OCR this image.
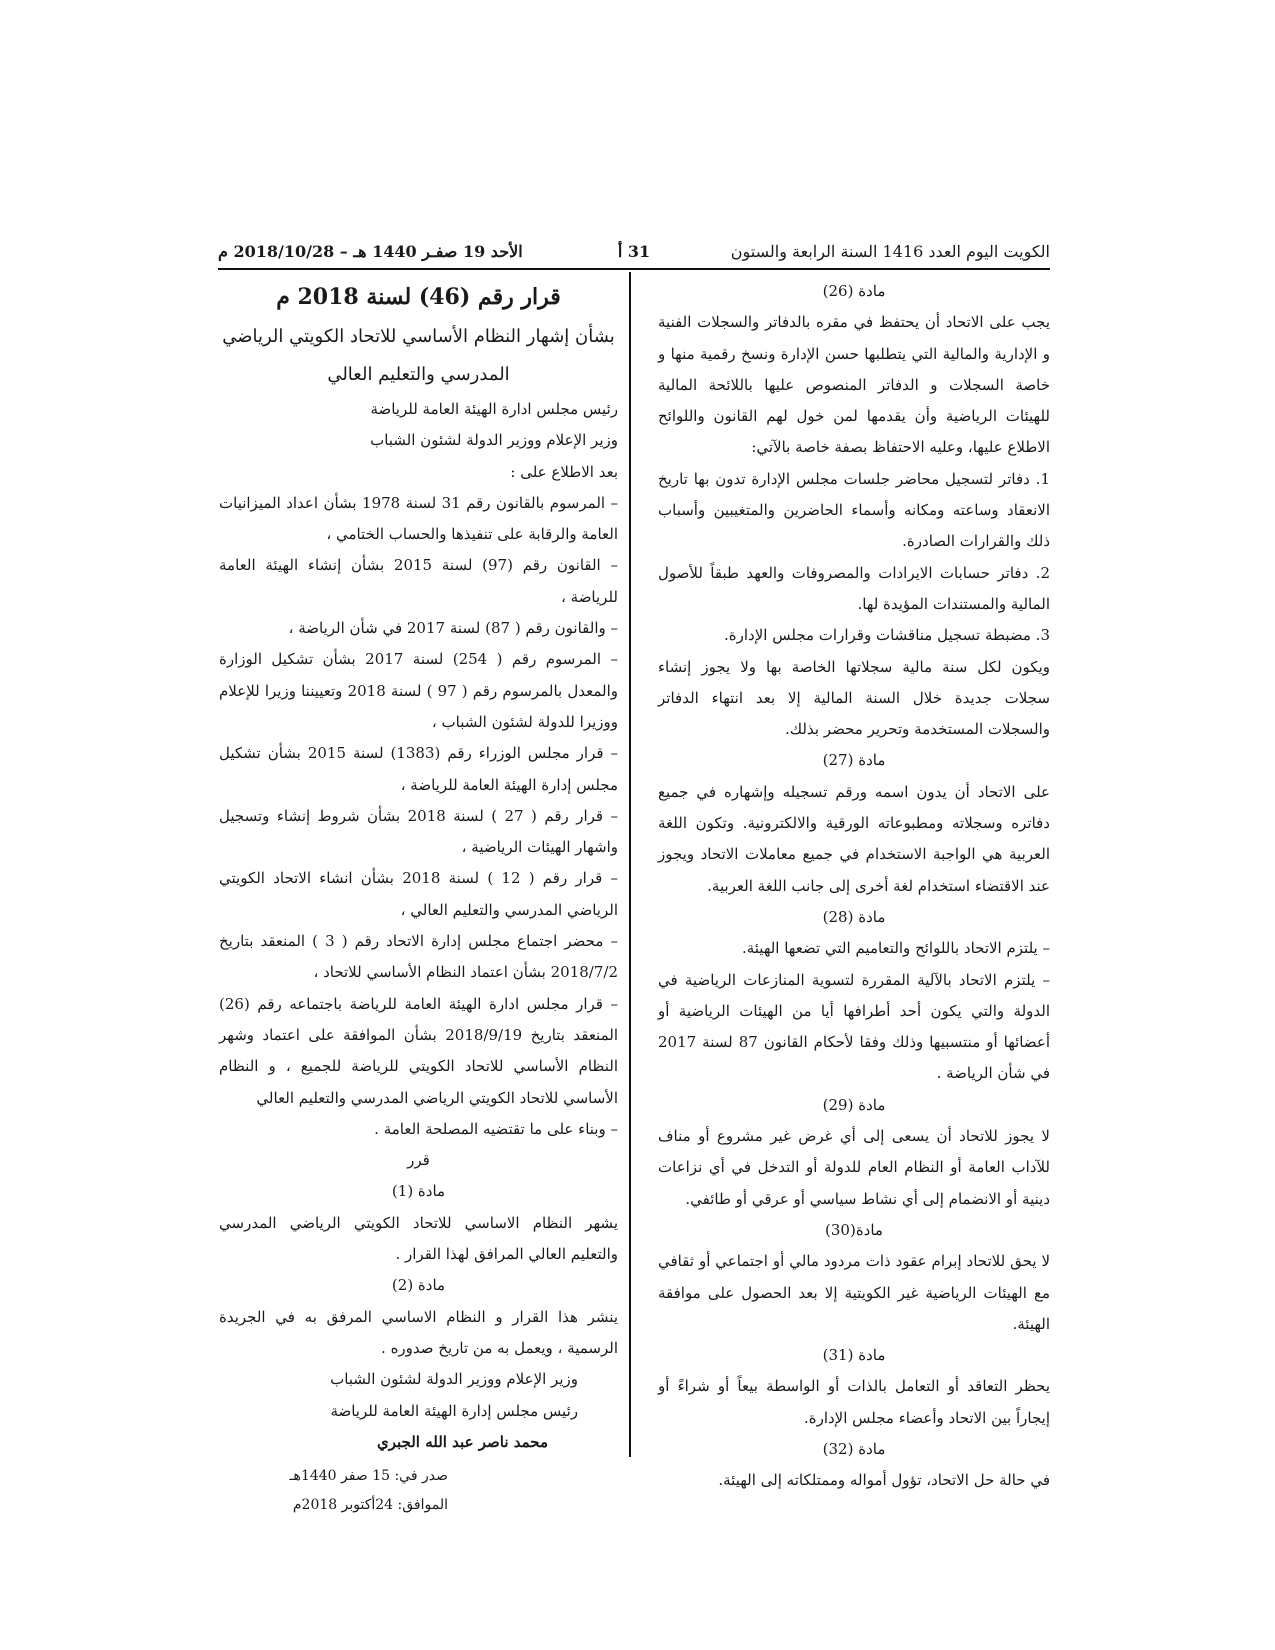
الكويت اليوم العدد 1416 السنة الرابعة والستون
31 أ
الأحد 19 صفـر 1440 هـ – 2018/10/28 م

مادة (26)

يجب على الاتحاد أن يحتفظ في مقره بالدفاتر والسجلات الفنية و الإدارية والمالية التي يتطلبها حسن الإدارة ونسخ رقمية منها و خاصة السجلات و الدفاتر المنصوص عليها باللائحة المالية للهيئات الرياضية وأن يقدمها لمن خول لهم القانون واللوائح الاطلاع عليها، وعليه الاحتفاظ بصفة خاصة بالآتي:

1. دفاتر لتسجيل محاضر جلسات مجلس الإدارة تدون بها تاريخ الانعقاد وساعته ومكانه وأسماء الحاضرين والمتغيبين وأسباب ذلك والقرارات الصادرة.

2. دفاتر حسابات الايرادات والمصروفات والعهد طبقاً للأصول المالية والمستندات المؤيدة لها.

3. مضبطة تسجيل مناقشات وقرارات مجلس الإدارة.

ويكون لكل سنة مالية سجلاتها الخاصة بها ولا يجوز إنشاء سجلات جديدة خلال السنة المالية إلا بعد انتهاء الدفاتر والسجلات المستخدمة وتحرير محضر بذلك.

مادة (27)

على الاتحاد أن يدون اسمه ورقم تسجيله وإشهاره في جميع دفاتره وسجلاته ومطبوعاته الورقية والالكترونية. وتكون اللغة العربية هي الواجبة الاستخدام في جميع معاملات الاتحاد ويجوز عند الاقتضاء استخدام لغة أخرى إلى جانب اللغة العربية.

مادة (28)

– يلتزم الاتحاد باللوائح والتعاميم التي تضعها الهيئة.

– يلتزم الاتحاد بالآلية المقررة لتسوية المنازعات الرياضية في الدولة والتي يكون أحد أطرافها أيا من الهيئات الرياضية أو أعضائها أو منتسبيها وذلك وفقا لأحكام القانون 87 لسنة 2017 في شأن الرياضة .

مادة (29)

لا يجوز للاتحاد أن يسعى إلى أي غرض غير مشروع أو مناف للآداب العامة أو النظام العام للدولة أو التدخل في أي نزاعات دينية أو الانضمام إلى أي نشاط سياسي أو عرقي أو طائفي.

مادة(30)

لا يحق للاتحاد إبرام عقود ذات مردود مالي أو اجتماعي أو ثقافي مع الهيئات الرياضية غير الكويتية إلا بعد الحصول على موافقة الهيئة.

مادة (31)

يحظر التعاقد أو التعامل بالذات أو الواسطة بيعاً أو شراءً أو إيجاراً بين الاتحاد وأعضاء مجلس الإدارة.

مادة (32)

في حالة حل الاتحاد، تؤول أمواله وممتلكاته إلى الهيئة.

قرار رقم (46) لسنة 2018 م

بشأن إشهار النظام الأساسي للاتحاد الكويتي الرياضي المدرسي والتعليم العالي

رئيس مجلس ادارة الهيئة العامة للرياضة

وزير الإعلام ووزير الدولة لشئون الشباب

بعد الاطلاع على :

– المرسوم بالقانون رقم 31 لسنة 1978 بشأن اعداد الميزانيات العامة والرقابة على تنفيذها والحساب الختامي ،

– القانون رقم (97) لسنة 2015 بشأن إنشاء الهيئة العامة للرياضة ،

– والقانون رقم ( 87) لسنة 2017 في شأن الرياضة ،

– المرسوم رقم ( 254) لسنة 2017 بشأن تشكيل الوزارة والمعدل بالمرسوم رقم ( 97 ) لسنة 2018 وتعييننا وزيرا للإعلام ووزيرا للدولة لشئون الشباب ،

– قرار مجلس الوزراء رقم (1383) لسنة 2015 بشأن تشكيل مجلس إدارة الهيئة العامة للرياضة ،

– قرار رقم ( 27 ) لسنة 2018 بشأن شروط إنشاء وتسجيل واشهار الهيئات الرياضية ،

– قرار رقم ( 12 ) لسنة 2018 بشأن انشاء الاتحاد الكويتي الرياضي المدرسي والتعليم العالي ،

– محضر اجتماع مجلس إدارة الاتحاد رقم ( 3 ) المنعقد بتاريخ 2018/7/2 بشأن اعتماد النظام الأساسي للاتحاد ،

– قرار مجلس ادارة الهيئة العامة للرياضة باجتماعه رقم (26) المنعقد بتاريخ 2018/9/19 بشأن الموافقة على اعتماد وشهر النظام الأساسي للاتحاد الكويتي للرياضة للجميع ، و النظام الأساسي للاتحاد الكويتي الرياضي المدرسي والتعليم العالي

– وبناء على ما تقتضيه المصلحة العامة .

قرر

مادة (1)

يشهر النظام الاساسي للاتحاد الكويتي الرياضي المدرسي والتعليم العالي المرافق لهذا القرار .

مادة (2)

ينشر هذا القرار و النظام الاساسي المرفق به في الجريدة الرسمية ، ويعمل به من تاريخ صدوره .

وزير الإعلام ووزير الدولة لشئون الشباب

رئيس مجلس إدارة الهيئة العامة للرياضة

محمد ناصر عبد الله الجبري

صدر في: 15 صفر 1440هـ
الموافق: 24أكتوبر 2018م
